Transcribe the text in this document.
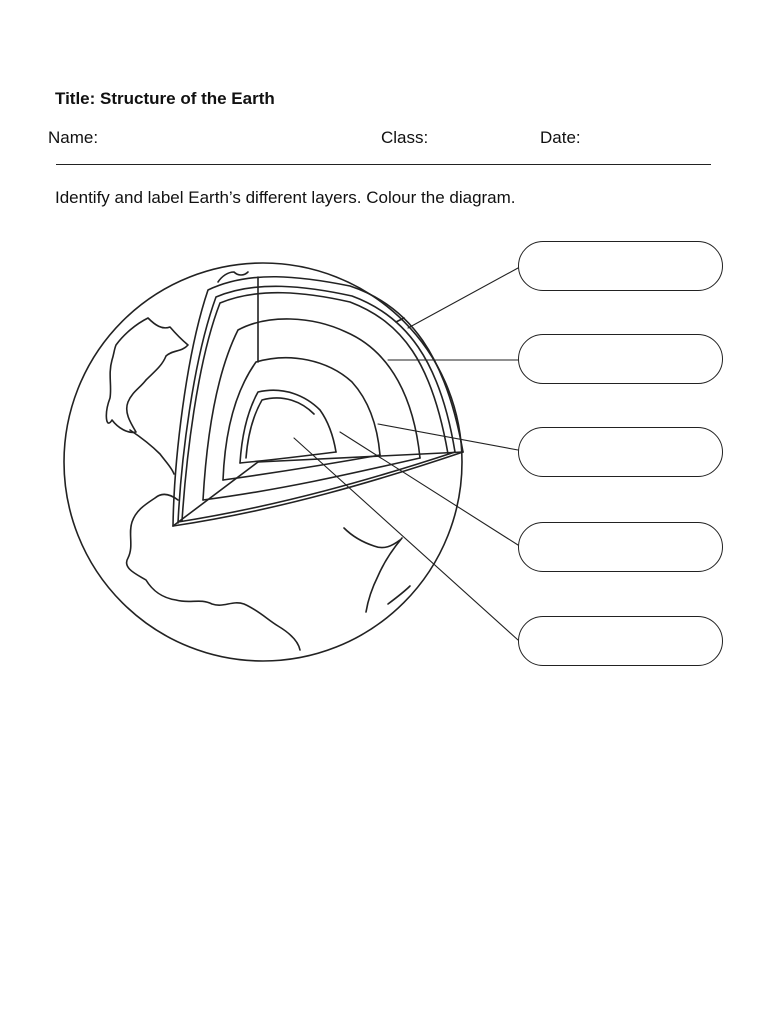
Title: Structure of the Earth
Name:	Class:	Date:
Identify and label Earth’s different layers. Colour the diagram.
